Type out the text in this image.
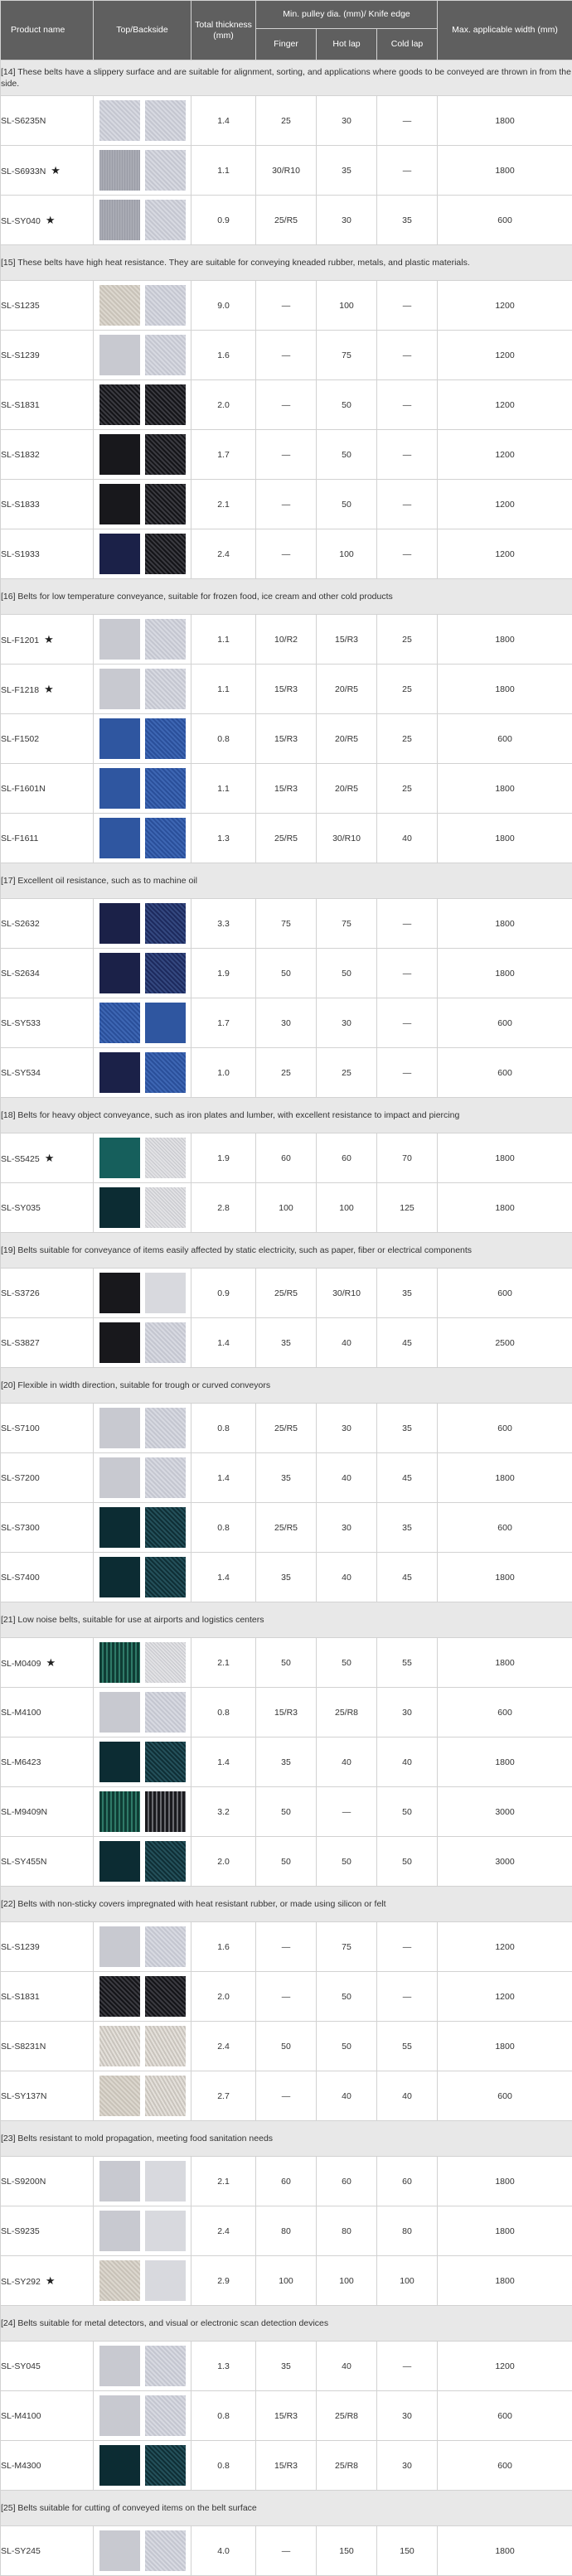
Product name	Top/Backside	Total thickness (mm)	Min. pulley dia. (mm)/ Knife edge			Max. applicable width (mm)
			Finger	Hot lap	Cold lap	
[14] These belts have a slippery surface and are suitable for alignment, sorting, and applications where goods to be conveyed are thrown in from the side.						
SL-S6235N		1.4	25	30	—	1800
SL-S6933N ★		1.1	30/R10	35	—	1800
SL-SY040 ★		0.9	25/R5	30	35	600
[15] These belts have high heat resistance. They are suitable for conveying kneaded rubber, metals, and plastic materials.						
SL-S1235		9.0	—	100	—	1200
SL-S1239		1.6	—	75	—	1200
SL-S1831		2.0	—	50	—	1200
SL-S1832		1.7	—	50	—	1200
SL-S1833		2.1	—	50	—	1200
SL-S1933		2.4	—	100	—	1200
[16] Belts for low temperature conveyance, suitable for frozen food, ice cream and other cold products						
SL-F1201 ★		1.1	10/R2	15/R3	25	1800
SL-F1218 ★		1.1	15/R3	20/R5	25	1800
SL-F1502		0.8	15/R3	20/R5	25	600
SL-F1601N		1.1	15/R3	20/R5	25	1800
SL-F1611		1.3	25/R5	30/R10	40	1800
[17] Excellent oil resistance, such as to machine oil						
SL-S2632		3.3	75	75	—	1800
SL-S2634		1.9	50	50	—	1800
SL-SY533		1.7	30	30	—	600
SL-SY534		1.0	25	25	—	600
[18] Belts for heavy object conveyance, such as iron plates and lumber, with excellent resistance to impact and piercing						
SL-S5425 ★		1.9	60	60	70	1800
SL-SY035		2.8	100	100	125	1800
[19] Belts suitable for conveyance of items easily affected by static electricity, such as paper, fiber or electrical components						
SL-S3726		0.9	25/R5	30/R10	35	600
SL-S3827		1.4	35	40	45	2500
[20] Flexible in width direction, suitable for trough or curved conveyors						
SL-S7100		0.8	25/R5	30	35	600
SL-S7200		1.4	35	40	45	1800
SL-S7300		0.8	25/R5	30	35	600
SL-S7400		1.4	35	40	45	1800
[21] Low noise belts, suitable for use at airports and logistics centers						
SL-M0409 ★		2.1	50	50	55	1800
SL-M4100		0.8	15/R3	25/R8	30	600
SL-M6423		1.4	35	40	40	1800
SL-M9409N		3.2	50	—	50	3000
SL-SY455N		2.0	50	50	50	3000
[22] Belts with non-sticky covers impregnated with heat resistant rubber, or made using silicon or felt						
SL-S1239		1.6	—	75	—	1200
SL-S1831		2.0	—	50	—	1200
SL-S8231N		2.4	50	50	55	1800
SL-SY137N		2.7	—	40	40	600
[23] Belts resistant to mold propagation, meeting food sanitation needs						
SL-S9200N		2.1	60	60	60	1800
SL-S9235		2.4	80	80	80	1800
SL-SY292 ★		2.9	100	100	100	1800
[24] Belts suitable for metal detectors, and visual or electronic scan detection devices						
SL-SY045		1.3	35	40	—	1200
SL-M4100		0.8	15/R3	25/R8	30	600
SL-M4300		0.8	15/R3	25/R8	30	600
[25] Belts suitable for cutting of conveyed items on the belt surface						
SL-SY245		4.0	—	150	150	1800
